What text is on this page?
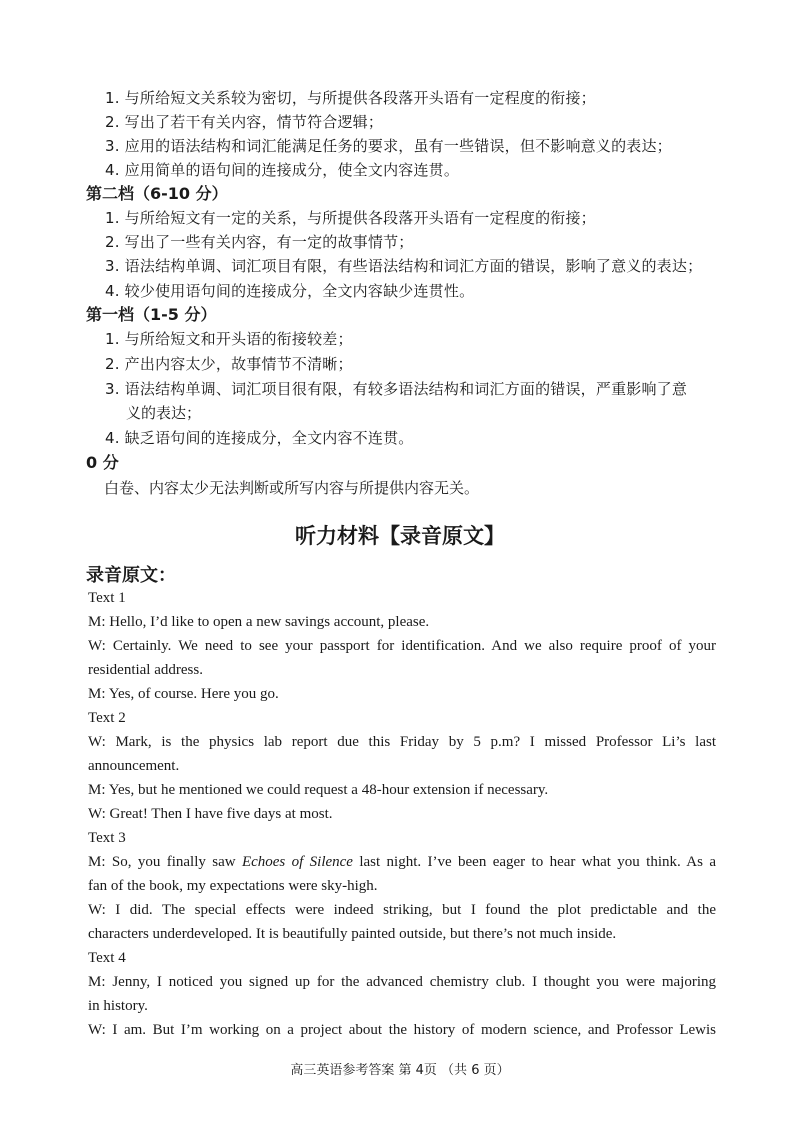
1. 与所给短文关系较为密切，与所提供各段落开头语有一定程度的衔接；
2. 写出了若干有关内容，情节符合逻辑；
3. 应用的语法结构和词汇能满足任务的要求，虽有一些错误，但不影响意义的表达；
4. 应用简单的语句间的连接成分，使全文内容连贯。
第二档（6-10 分）
1. 与所给短文有一定的关系，与所提供各段落开头语有一定程度的衔接；
2. 写出了一些有关内容，有一定的故事情节；
3. 语法结构单调、词汇项目有限，有些语法结构和词汇方面的错误，影响了意义的表达；
4. 较少使用语句间的连接成分，全文内容缺少连贯性。
第一档（1-5 分）
1. 与所给短文和开头语的衔接较差；
2. 产出内容太少，故事情节不清晰；
3. 语法结构单调、词汇项目很有限，有较多语法结构和词汇方面的错误，严重影响了意
义的表达；
4. 缺乏语句间的连接成分，全文内容不连贯。
0 分
白卷、内容太少无法判断或所写内容与所提供内容无关。
听力材料【录音原文】
录音原文：
Text 1
M: Hello, I’d like to open a new savings account, please.
W: Certainly. We need to see your passport for identification. And we also require proof of your
residential address.
M: Yes, of course. Here you go.
Text 2
W: Mark, is the physics lab report due this Friday by 5 p.m? I missed Professor Li’s last
announcement.
M: Yes, but he mentioned we could request a 48-hour extension if necessary.
W: Great! Then I have five days at most.
Text 3
M: So, you finally saw Echoes of Silence last night. I’ve been eager to hear what you think. As a
fan of the book, my expectations were sky-high.
W: I did. The special effects were indeed striking, but I found the plot predictable and the
characters underdeveloped. It is beautifully painted outside, but there’s not much inside.
Text 4
M: Jenny, I noticed you signed up for the advanced chemistry club. I thought you were majoring
in history.
W: I am. But I’m working on a project about the history of modern science, and Professor Lewis
高三英语参考答案 第 4页 （共 6 页）
